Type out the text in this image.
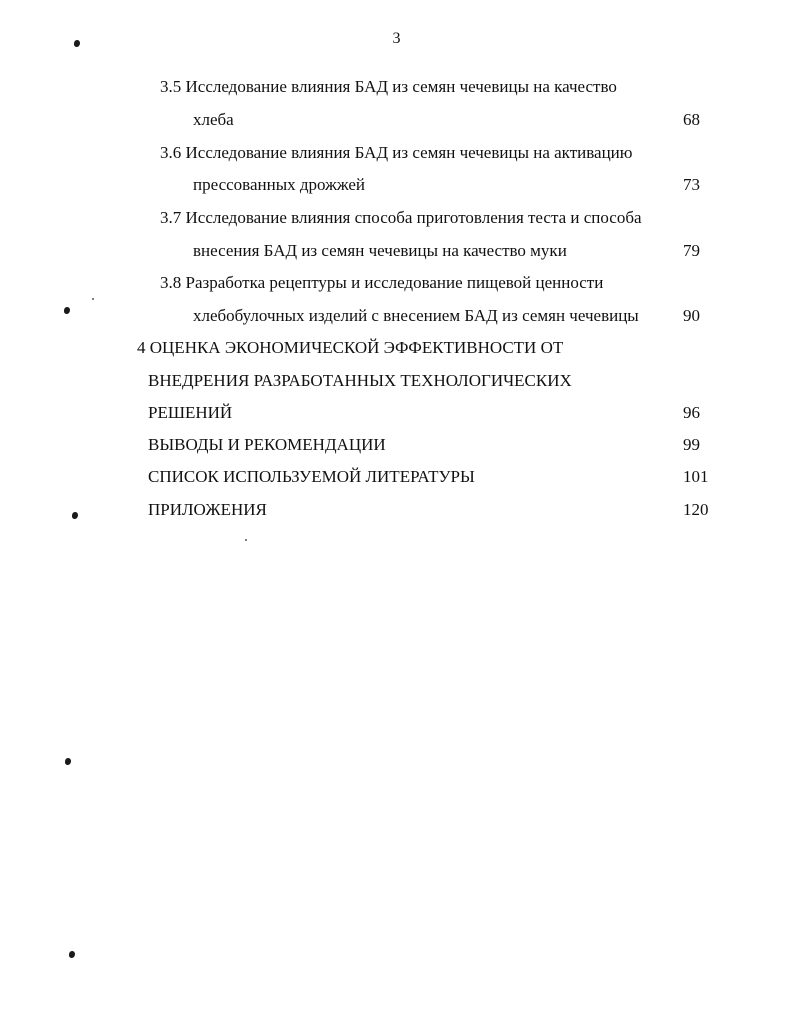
3
3.5 Исследование влияния БАД из семян чечевицы на качество
хлеба	68
3.6 Исследование влияния БАД из семян чечевицы на активацию
прессованных дрожжей	73
3.7 Исследование влияния способа приготовления теста и способа
внесения БАД из семян чечевицы на качество муки	79
3.8 Разработка рецептуры и исследование пищевой ценности
хлебобулочных изделий с внесением БАД из семян чечевицы	90
4 ОЦЕНКА ЭКОНОМИЧЕСКОЙ ЭФФЕКТИВНОСТИ ОТ
ВНЕДРЕНИЯ РАЗРАБОТАННЫХ ТЕХНОЛОГИЧЕСКИХ
РЕШЕНИЙ	96
ВЫВОДЫ И РЕКОМЕНДАЦИИ	99
СПИСОК ИСПОЛЬЗУЕМОЙ ЛИТЕРАТУРЫ	101
ПРИЛОЖЕНИЯ	120
